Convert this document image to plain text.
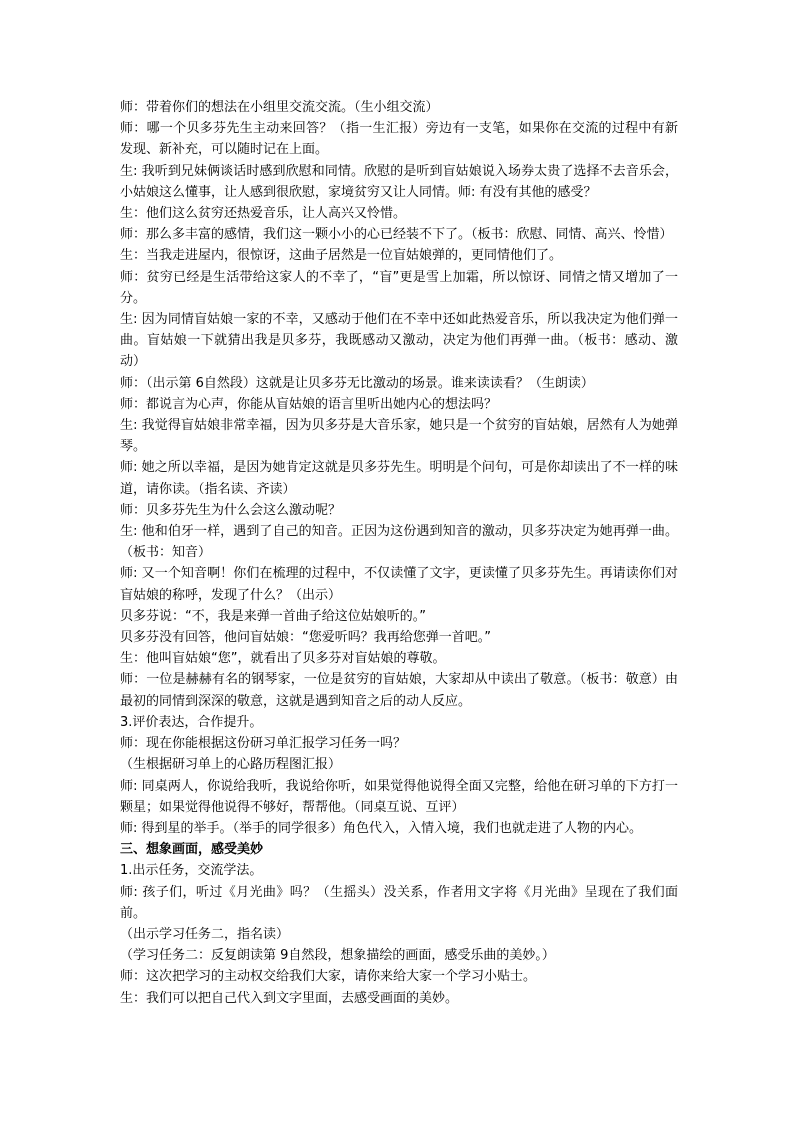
师：带着你们的想法在小组里交流交流。（生小组交流）

师：哪一个贝多芬先生主动来回答？（指一生汇报）旁边有一支笔，如果你在交流的过程中有新发现、新补充，可以随时记在上面。

生: 我听到兄妹俩谈话时感到欣慰和同情。欣慰的是听到盲姑娘说入场券太贵了选择不去音乐会，小姑娘这么懂事，让人感到很欣慰，家境贫穷又让人同情。师: 有没有其他的感受？

生：他们这么贫穷还热爱音乐，让人高兴又怜惜。

师：那么多丰富的感情，我们这一颗小小的心已经装不下了。（板书：欣慰、同情、高兴、怜惜）

生：当我走进屋内，很惊讶，这曲子居然是一位盲姑娘弹的，更同情他们了。

师：贫穷已经是生活带给这家人的不幸了，“盲”更是雪上加霜，所以惊讶、同情之情又增加了一分。

生: 因为同情盲姑娘一家的不幸，又感动于他们在不幸中还如此热爱音乐，所以我决定为他们弹一曲。盲姑娘一下就猜出我是贝多芬，我既感动又激动，决定为他们再弹一曲。（板书：感动、激动）

师：（出示第 6自然段）这就是让贝多芬无比激动的场景。谁来读读看？（生朗读）

师：都说言为心声，你能从盲姑娘的语言里听出她内心的想法吗？

生: 我觉得盲姑娘非常幸福，因为贝多芬是大音乐家，她只是一个贫穷的盲姑娘，居然有人为她弹琴。

师: 她之所以幸福，是因为她肯定这就是贝多芬先生。明明是个问句，可是你却读出了不一样的味道，请你读。（指名读、齐读）

师：贝多芬先生为什么会这么激动呢？

生: 他和伯牙一样，遇到了自己的知音。正因为这份遇到知音的激动，贝多芬决定为她再弹一曲。（板书：知音）

师: 又一个知音啊！你们在梳理的过程中，不仅读懂了文字，更读懂了贝多芬先生。再请读你们对盲姑娘的称呼，发现了什么？（出示）

贝多芬说：“不，我是来弹一首曲子给这位姑娘听的。”

贝多芬没有回答，他问盲姑娘：“您爱听吗？我再给您弹一首吧。”

生：他叫盲姑娘“您”，就看出了贝多芬对盲姑娘的尊敬。

师：一位是赫赫有名的钢琴家，一位是贫穷的盲姑娘，大家却从中读出了敬意。（板书：敬意）由最初的同情到深深的敬意，这就是遇到知音之后的动人反应。

3.评价表达，合作提升。

师：现在你能根据这份研习单汇报学习任务一吗？

（生根据研习单上的心路历程图汇报）

师: 同桌两人，你说给我听，我说给你听，如果觉得他说得全面又完整，给他在研习单的下方打一颗星；如果觉得他说得不够好，帮帮他。（同桌互说、互评）

师: 得到星的举手。（举手的同学很多）角色代入，入情入境，我们也就走进了人物的内心。

三、想象画面，感受美妙

1.出示任务，交流学法。

师: 孩子们，听过《月光曲》吗？（生摇头）没关系，作者用文字将《月光曲》呈现在了我们面前。

（出示学习任务二，指名读）

（学习任务二：反复朗读第 9自然段，想象描绘的画面，感受乐曲的美妙。）

师：这次把学习的主动权交给我们大家，请你来给大家一个学习小贴士。

生：我们可以把自己代入到文字里面，去感受画面的美妙。
